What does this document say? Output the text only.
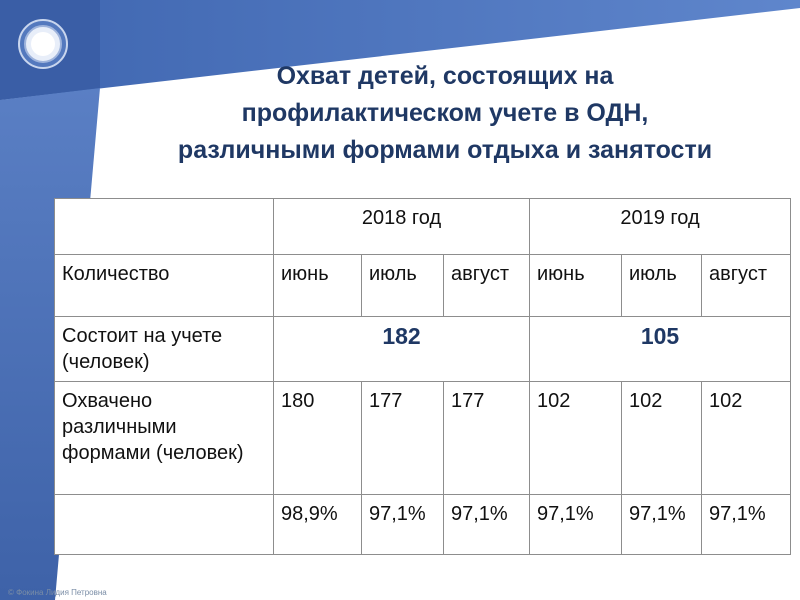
Охват детей, состоящих на
профилактическом учете в ОДН,
различными формами отдыха и занятости
	2018 год			2019 год		
Количество	июнь	июль	август	июнь	июль	август
Состоит на учете (человек)	182			105		
Охвачено различными формами (человек)	180	177	177	102	102	102
	98,9%	97,1%	97,1%	97,1%	97,1%	97,1%
© Фокина Лидия Петровна
